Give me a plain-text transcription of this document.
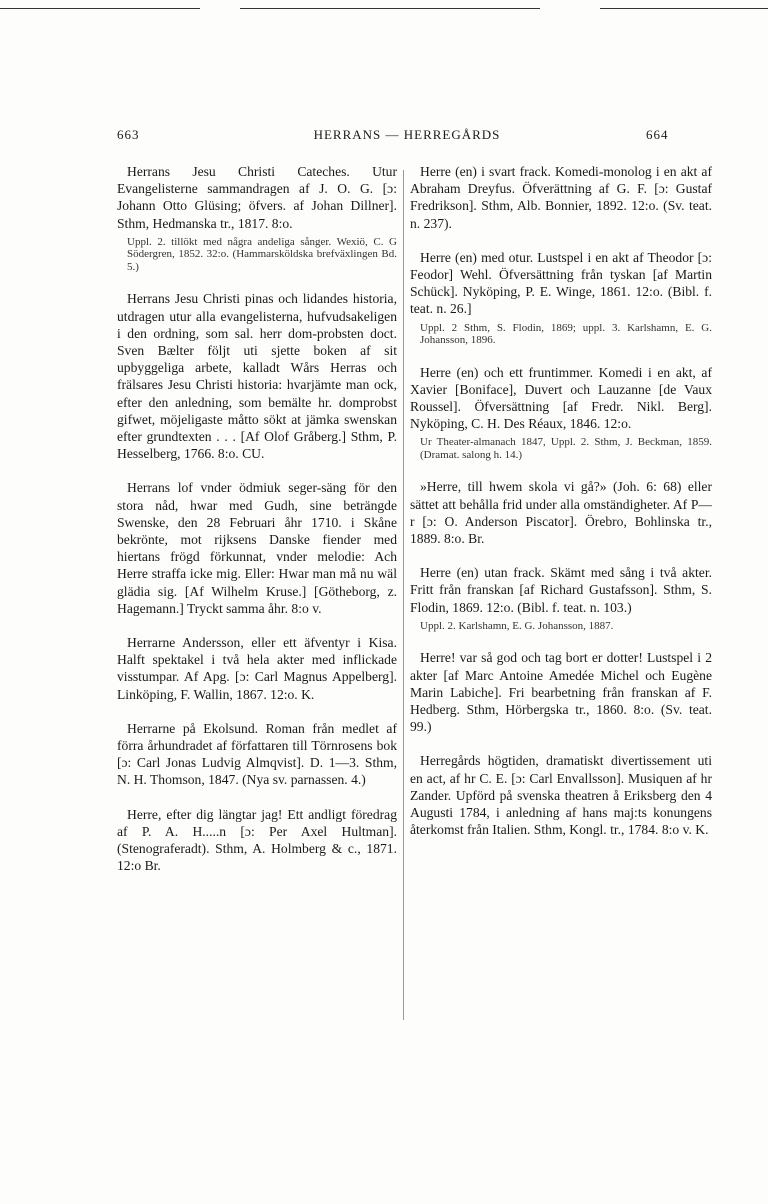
663	HERRANS — HERREGÅRDS	664

Herrans Jesu Christi Cateches. Utur Evangelisterne sammandragen af J. O. G. [ɔ: Johann Otto Glüsing; öfvers. af Johan Dillner]. Sthm, Hedmanska tr., 1817. 8:o.

Uppl. 2. tillökt med några andeliga sånger. Wexiö, C. G Södergren, 1852. 32:o. (Hammarsköldska brefväxlingen Bd. 5.)

Herrans Jesu Christi pinas och lidandes historia, utdragen utur alla evangelisterna, hufvudsakeligen i den ordning, som sal. herr dom-probsten doct. Sven Bælter följt uti sjette boken af sit upbyggeliga arbete, kalladt Wårs Herras och frälsares Jesu Christi historia: hvarjämte man ock, efter den anledning, som bemälte hr. domprobst gifwet, möjeligaste måtto sökt at jämka swenskan efter grundtexten . . . [Af Olof Gråberg.] Sthm, P. Hesselberg, 1766. 8:o. CU.

Herrans lof vnder ödmiuk seger-säng för den stora nåd, hwar med Gudh, sine beträngde Swenske, den 28 Februari åhr 1710. i Skåne bekrönte, mot rijksens Danske fiender med hiertans frögd förkunnat, vnder melodie: Ach Herre straffa icke mig. Eller: Hwar man må nu wäl glädia sig. [Af Wilhelm Kruse.] [Götheborg, z. Hagemann.] Tryckt samma åhr. 8:o v.

Herrarne Andersson, eller ett äfventyr i Kisa. Halft spektakel i två hela akter med inflickade visstumpar. Af Apg. [ɔ: Carl Magnus Appelberg]. Linköping, F. Wallin, 1867. 12:o. K.

Herrarne på Ekolsund. Roman från medlet af förra århundradet af författaren till Törnrosens bok [ɔ: Carl Jonas Ludvig Almqvist]. D. 1—3. Sthm, N. H. Thomson, 1847. (Nya sv. parnassen. 4.)

Herre, efter dig längtar jag! Ett andligt föredrag af P. A. H.....n [ɔ: Per Axel Hultman]. (Stenograferadt). Sthm, A. Holmberg & c., 1871. 12:o Br.

Herre (en) i svart frack. Komedi-monolog i en akt af Abraham Dreyfus. Öfverättning af G. F. [ɔ: Gustaf Fredrikson]. Sthm, Alb. Bonnier, 1892. 12:o. (Sv. teat. n. 237).

Herre (en) med otur. Lustspel i en akt af Theodor [ɔ: Feodor] Wehl. Öfversättning från tyskan [af Martin Schück]. Nyköping, P. E. Winge, 1861. 12:o. (Bibl. f. teat. n. 26.]

Uppl. 2 Sthm, S. Flodin, 1869; uppl. 3. Karlshamn, E. G. Johansson, 1896.

Herre (en) och ett fruntimmer. Komedi i en akt, af Xavier [Boniface], Duvert och Lauzanne [de Vaux Roussel]. Öfversättning [af Fredr. Nikl. Berg]. Nyköping, C. H. Des Réaux, 1846. 12:o.

Ur Theater-almanach 1847, Uppl. 2. Sthm, J. Beckman, 1859. (Dramat. salong h. 14.)

»Herre, till hwem skola vi gå?» (Joh. 6: 68) eller sättet att behålla frid under alla omständigheter. Af P—r [ɔ: O. Anderson Piscator]. Örebro, Bohlinska tr., 1889. 8:o. Br.

Herre (en) utan frack. Skämt med sång i två akter. Fritt från franskan [af Richard Gustafsson]. Sthm, S. Flodin, 1869. 12:o. (Bibl. f. teat. n. 103.)

Uppl. 2. Karlshamn, E. G. Johansson, 1887.

Herre! var så god och tag bort er dotter! Lustspel i 2 akter [af Marc Antoine Amedée Michel och Eugène Marin Labiche]. Fri bearbetning från franskan af F. Hedberg. Sthm, Hörbergska tr., 1860. 8:o. (Sv. teat. 99.)

Herregårds högtiden, dramatiskt divertissement uti en act, af hr C. E. [ɔ: Carl Envallsson]. Musiquen af hr Zander. Upförd på svenska theatren å Eriksberg den 4 Augusti 1784, i anledning af hans maj:ts konungens återkomst från Italien. Sthm, Kongl. tr., 1784. 8:o v. K.
